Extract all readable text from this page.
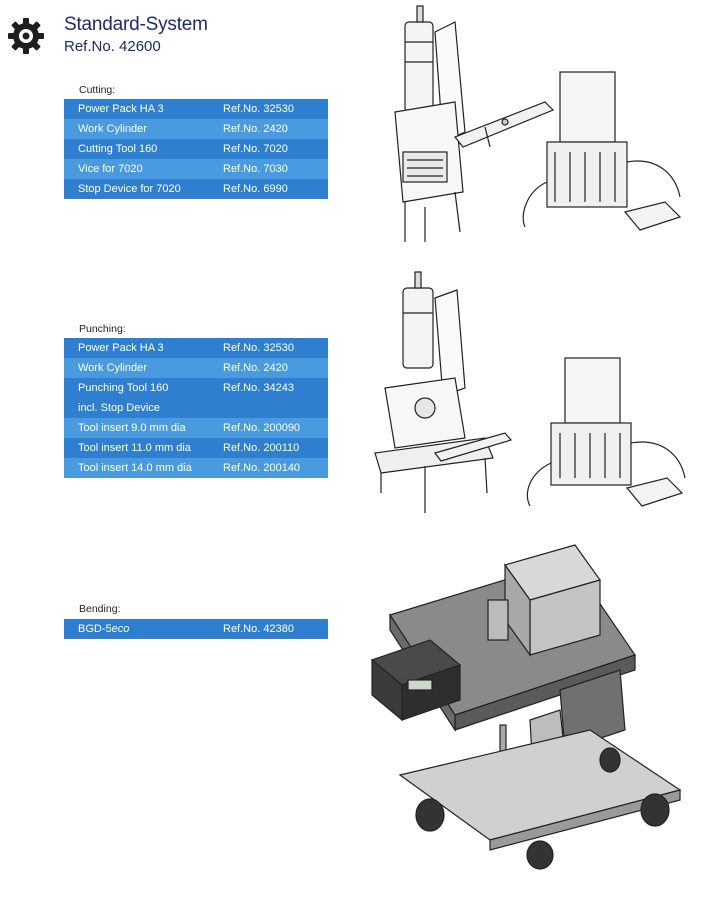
Standard-System
Ref.No. 42600
Cutting:
Power Pack HA 3	Ref.No. 32530
Work Cylinder	Ref.No. 2420
Cutting Tool 160	Ref.No. 7020
Vice for 7020	Ref.No. 7030
Stop Device for 7020	Ref.No. 6990
Punching:
Power Pack HA 3	Ref.No. 32530
Work Cylinder	Ref.No. 2420
Punching Tool 160	Ref.No. 34243
incl. Stop Device
Tool insert 9.0 mm dia	Ref.No. 200090
Tool insert 11.0 mm dia	Ref.No. 200110
Tool insert 14.0 mm dia	Ref.No. 200140
Bending:
BGD-5eco	Ref.No. 42380
